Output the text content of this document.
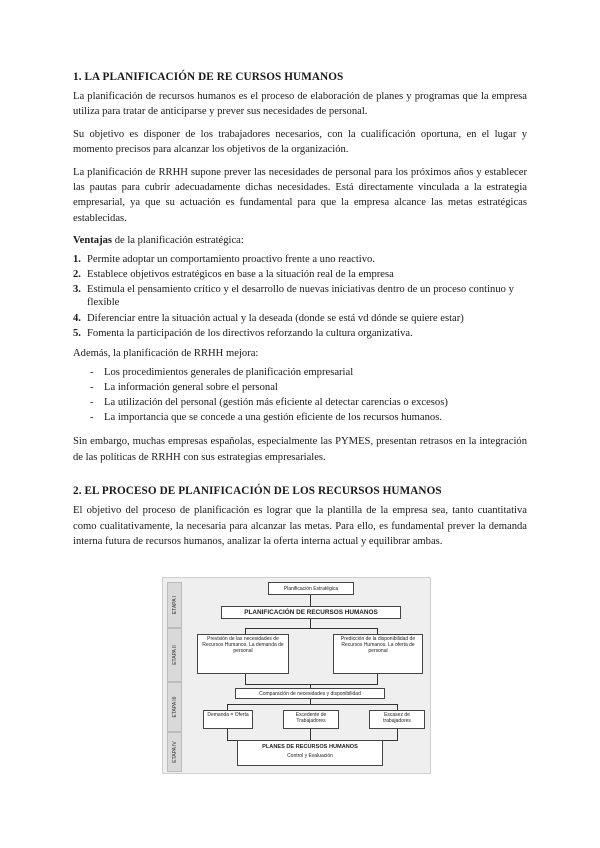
1. LA PLANIFICACIÓN DE RE CURSOS HUMANOS

La planificación de recursos humanos es el proceso de elaboración de planes y programas que la empresa utiliza para tratar de anticiparse y prever sus necesidades de personal.

Su objetivo es disponer de los trabajadores necesarios, con la cualificación oportuna, en el lugar y momento precisos para alcanzar los objetivos de la organización.

La planificación de RRHH supone prever las necesidades de personal para los próximos años y establecer las pautas para cubrir adecuadamente dichas necesidades. Está directamente vinculada a la estrategia empresarial, ya que su actuación es fundamental para que la empresa alcance las metas estratégicas establecidas.

Ventajas de la planificación estratégica:

1. Permite adoptar un comportamiento proactivo frente a uno reactivo.
2. Establece objetivos estratégicos en base a la situación real de la empresa
3. Estimula el pensamiento crítico y el desarrollo de nuevas iniciativas dentro de un proceso continuo y flexible
4. Diferenciar entre la situación actual y la deseada (donde se está vd dónde se quiere estar)
5. Fomenta la participación de los directivos reforzando la cultura organizativa.

Además, la planificación de RRHH mejora:

- Los procedimientos generales de planificación empresarial
- La información general sobre el personal
- La utilización del personal (gestión más eficiente al detectar carencias o excesos)
- La importancia que se concede a una gestión eficiente de los recursos humanos.

Sin embargo, muchas empresas españolas, especialmente las PYMES, presentan retrasos en la integración de las políticas de RRHH con sus estrategias empresariales.

2. EL PROCESO DE PLANIFICACIÓN DE LOS RECURSOS HUMANOS

El objetivo del proceso de planificación es lograr que la plantilla de la empresa sea, tanto cuantitativa como cualitativamente, la necesaria para alcanzar las metas. Para ello, es fundamental prever la demanda interna futura de recursos humanos, analizar la oferta interna actual y equilibrar ambas.

ETAPA I
ETAPA II
ETAPA III
ETAPA IV
Planificación Estratégica
PLANIFICACIÓN DE RECURSOS HUMANOS
Previsión de las necesidades de Recursos Humanos. La demanda de personal
Predicción de la disponibilidad de Recursos Humanos. La oferta de personal
Comparación de necesidades y disponibilidad
Demanda = Oferta	Excedente de Trabajadores
Escasez de trabajadores
PLANES DE RECURSOS HUMANOS
Control y Evaluación
